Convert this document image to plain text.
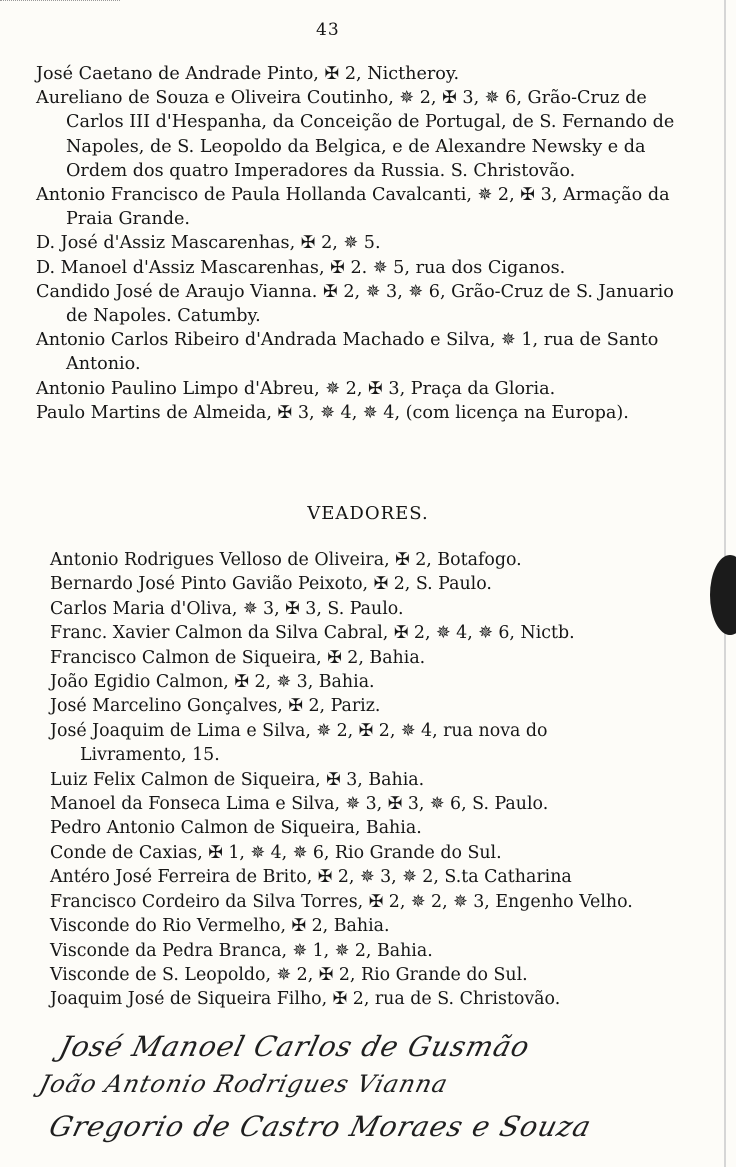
43

José Caetano de Andrade Pinto, ✠ 2, Nictheroy.

Aureliano de Souza e Oliveira Coutinho, ✵ 2, ✠ 3, ✵ 6, Grão-Cruz de Carlos III d'Hespanha, da Conceição de Portugal, de S. Fernando de Napoles, de S. Leopoldo da Belgica, e de Alexandre Newsky e da Ordem dos quatro Imperadores da Russia. S. Christovão.

Antonio Francisco de Paula Hollanda Cavalcanti, ✵ 2, ✠ 3, Armação da Praia Grande.

D. José d'Assiz Mascarenhas, ✠ 2, ✵ 5.

D. Manoel d'Assiz Mascarenhas, ✠ 2. ✵ 5, rua dos Ciganos.

Candido José de Araujo Vianna. ✠ 2, ✵ 3, ✵ 6, Grão-Cruz de S. Januario de Napoles. Catumby.

Antonio Carlos Ribeiro d'Andrada Machado e Silva, ✵ 1, rua de Santo Antonio.

Antonio Paulino Limpo d'Abreu, ✵ 2, ✠ 3, Praça da Gloria.

Paulo Martins de Almeida, ✠ 3, ✵ 4, ✵ 4, (com licença na Europa).

VEADORES.

Antonio Rodrigues Velloso de Oliveira, ✠ 2, Botafogo.

Bernardo José Pinto Gavião Peixoto, ✠ 2, S. Paulo.

Carlos Maria d'Oliva, ✵ 3, ✠ 3, S. Paulo.

Franc. Xavier Calmon da Silva Cabral, ✠ 2, ✵ 4, ✵ 6, Nictb.

Francisco Calmon de Siqueira, ✠ 2, Bahia.

João Egidio Calmon, ✠ 2, ✵ 3, Bahia.

José Marcelino Gonçalves, ✠ 2, Pariz.

José Joaquim de Lima e Silva, ✵ 2, ✠ 2, ✵ 4, rua nova do Livramento, 15.

Luiz Felix Calmon de Siqueira, ✠ 3, Bahia.

Manoel da Fonseca Lima e Silva, ✵ 3, ✠ 3, ✵ 6, S. Paulo.

Pedro Antonio Calmon de Siqueira, Bahia.

Conde de Caxias, ✠ 1, ✵ 4, ✵ 6, Rio Grande do Sul.

Antéro José Ferreira de Brito, ✠ 2, ✵ 3, ✵ 2, S.ta Catharina

Francisco Cordeiro da Silva Torres, ✠ 2, ✵ 2, ✵ 3, Engenho Velho.

Visconde do Rio Vermelho, ✠ 2, Bahia.

Visconde da Pedra Branca, ✵ 1, ✵ 2, Bahia.

Visconde de S. Leopoldo, ✵ 2, ✠ 2, Rio Grande do Sul.

Joaquim José de Siqueira Filho, ✠ 2, rua de S. Christovão.

José Manoel Carlos de Gusmão
João Antonio Rodrigues Vianna
Gregorio de Castro Moraes e Souza
